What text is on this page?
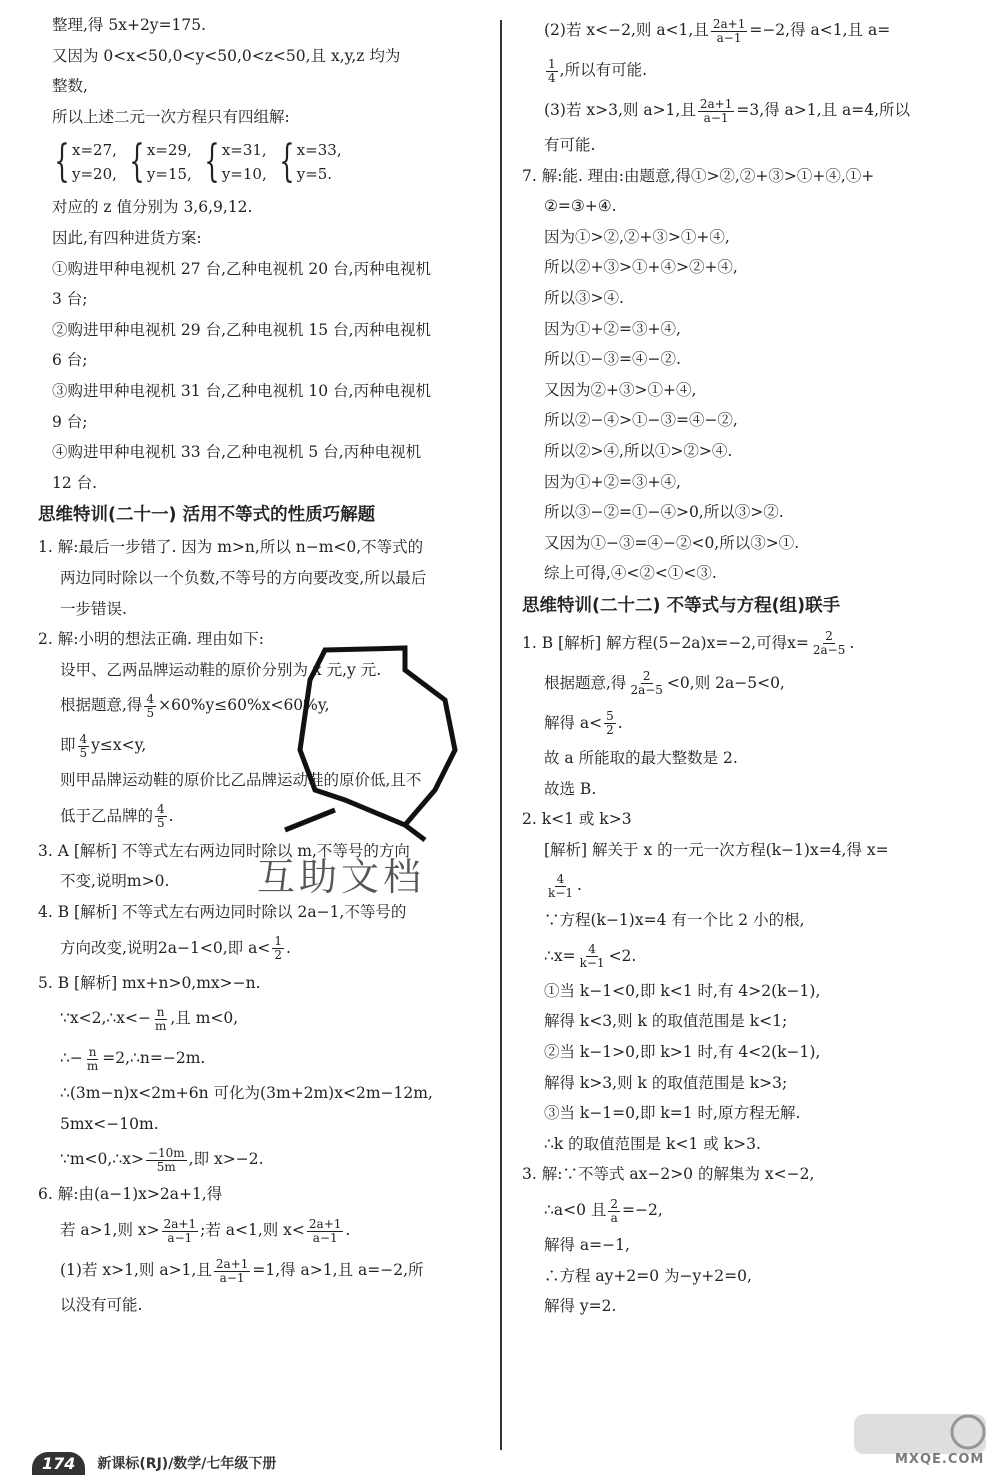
整理,得 5x+2y=175.
又因为 0<x<50,0<y<50,0<z<50,且 x,y,z 均为
整数,
所以上述二元一次方程只有四组解:
{ x=27,
y=20, { x=29,
y=15, { x=31,
y=10, { x=33,
y=5.
对应的 z 值分别为 3,6,9,12.
因此,有四种进货方案:
①购进甲种电视机 27 台,乙种电视机 20 台,丙种电视机
3 台;
②购进甲种电视机 29 台,乙种电视机 15 台,丙种电视机
6 台;
③购进甲种电视机 31 台,乙种电视机 10 台,丙种电视机
9 台;
④购进甲种电视机 33 台,乙种电视机 5 台,丙种电视机
12 台.
思维特训(二十一) 活用不等式的性质巧解题
1. 解:最后一步错了. 因为 m>n,所以 n−m<0,不等式的
两边同时除以一个负数,不等号的方向要改变,所以最后
一步错误.
2. 解:小明的想法正确. 理由如下:
设甲、乙两品牌运动鞋的原价分别为 x 元,y 元.
根据题意,得 $\frac{4}{5} \times 60\%y\le 60\%x<60\%y$,
即 $\frac{4}{5} y\le x<y$,
则甲品牌运动鞋的原价比乙品牌运动鞋的原价低,且不
低于乙品牌的 $\frac{4}{5}$ .
3. A [解析] 不等式左右两边同时除以 m,不等号的方向
不变,说明m>0.
4. B [解析] 不等式左右两边同时除以 2a−1,不等号的
方向改变,说明2a−1<0,即 $a< \frac{1}{2}$ .
5. B [解析] mx+n>0,mx>−n.
∵x<2,∴x<− $\frac{n}{m}$ ,且 m<0,
∴− $\frac{n}{m}$ =2,∴n=−2m.
∴(3m−n)x<2m+6n 可化为(3m+2m)x<2m−12m,
5mx<−10m.
∵m<0,∴x> $\frac{-10m}{5m}$ ,即 x>−2.
6. 解:由(a−1)x>2a+1,得
若 a>1,则 $x> \frac{2a+1}{a-1}$ ;若 a<1,则 $x< \frac{2a+1}{a-1}$ .
(1)若 x>1,则 a>1,且 $\frac{2a+1}{a-1} =1$,得 a>1,且 a=−2,所
以没有可能.
(2)若 x<−2,则 a<1,且 $\frac{2a+1}{a-1} =-2$,得 a<1,且 a=
$\frac{1}{4}$ ,所以有可能.
(3)若 x>3,则 a>1,且 $\frac{2a+1}{a-1} =3$,得 a>1,且 a=4,所以
有可能.
7. 解:能. 理由:由题意,得①>②,②+③>①+④,①+
②=③+④.
因为①>②,②+③>①+④,
所以②+③>①+④>②+④,
所以③>④.
因为①+②=③+④,
所以①−③=④−②.
又因为②+③>①+④,
所以②−④>①−③=④−②,
所以②>④,所以①>②>④.
因为①+②=③+④,
所以③−②=①−④>0,所以③>②.
又因为①−③=④−②<0,所以③>①.
综上可得,④<②<①<③.
思维特训(二十二) 不等式与方程(组)联手
1. B [解析] 解方程(5−2a)x=−2,可得$x= \frac{2}{2a-5}$ .
根据题意,得 $\frac{2}{2a-5} <0$,则 2a−5<0,
解得 $a< \frac{5}{2}$ .
故 a 所能取的最大整数是 2.
故选 B.
2. k<1 或 k>3
[解析] 解关于 x 的一元一次方程(k−1)x=4,得 x=
$\frac{4}{k-1}$ .
∵方程(k−1)x=4 有一个比 2 小的根,
∴x= $\frac{4}{k-1} <2$.
①当 k−1<0,即 k<1 时,有 4>2(k−1),
解得 k<3,则 k 的取值范围是 k<1;
②当 k−1>0,即 k>1 时,有 4<2(k−1),
解得 k>3,则 k 的取值范围是 k>3;
③当 k−1=0,即 k=1 时,原方程无解.
∴k 的取值范围是 k<1 或 k>3.
3. 解:∵不等式 ax−2>0 的解集为 x<−2,
∴a<0 且 $\frac{2}{a} =-2$,
解得 a=−1,
∴方程 ay+2=0 为−y+2=0,
解得 y=2.
互助文档
MXQE.COM
174	新课标(RJ)/数学/七年级下册
